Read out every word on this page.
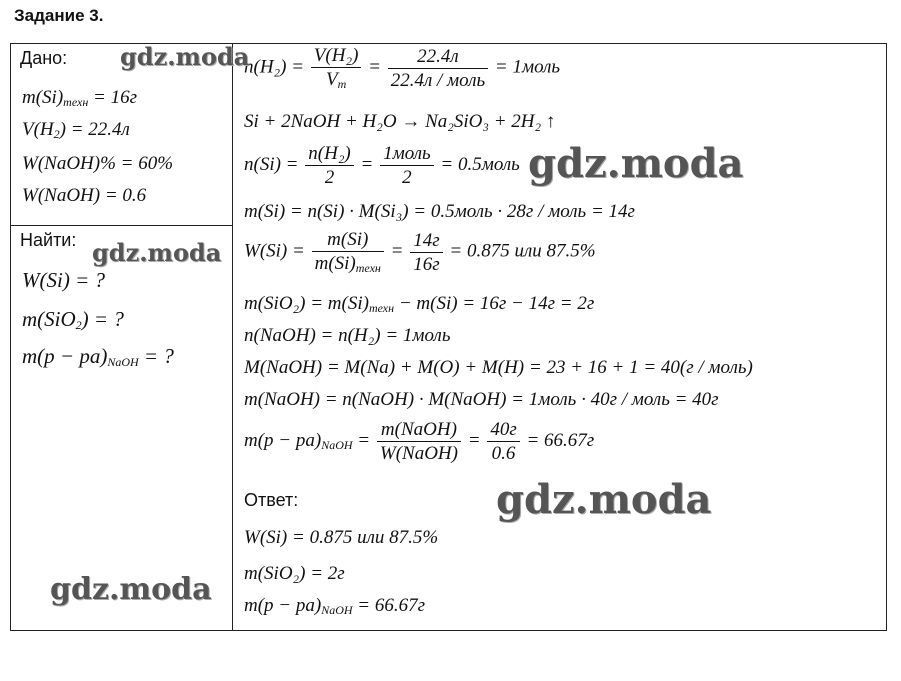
Задание 3.
Дано:
$m(Si)_{техн} = 16г$
$V(H_2) = 22.4л$
W(NaOH)% = 60%
W(NaOH) = 0.6
Найти:
W(Si) = ?
m(SiO$_2$) = ?
$m(p - pa)_{NaOH}$ = ?
$n(H_2) = \frac{\text{V(H₂)}}{V_m} = \frac{22.4л}{\text{22.4л / моль}}$ = 1моль
Si + 2NaOH + H₂O → Na₂SiO₃ + 2H₂ ↑
$n(Si) = \frac{\text{n(H₂)}}{2} = \frac{\text{1моль}}{2}$ = 0.5моль
m(Si) = n(Si) · M(Si₃) = 0.5моль · 28г / моль = 14г
$W(Si) = \frac{m(Si)}{m(Si)_{техн}} = \frac{14г}{16г} = 0.875$ или 87.5%
$m(SiO_2) = m(Si)_{техн} - m(Si) = 16г - 14г = 2г$
n(NaOH) = n(H₂) = 1моль
M(NaOH) = M(Na) + M(O) + M(H) = 23 + 16 + 1 = 40(г / моль)
m(NaOH) = n(NaOH) · M(NaOH) = 1моль · 40г / моль = 40г
$m(p - pa)_{NaOH} = \frac{\text{m(NaOH)}}{\text{W(NaOH)}} = \frac{40г}{0.6} = 66.67г$
Ответ:
W(Si) = 0.875 или 87.5%
m(SiO₂) = 2г
$m(p - pa)_{NaOH} = 66.67г$
gdz.moda
gdz.moda
gdz.moda
gdz.moda
gdz.moda
